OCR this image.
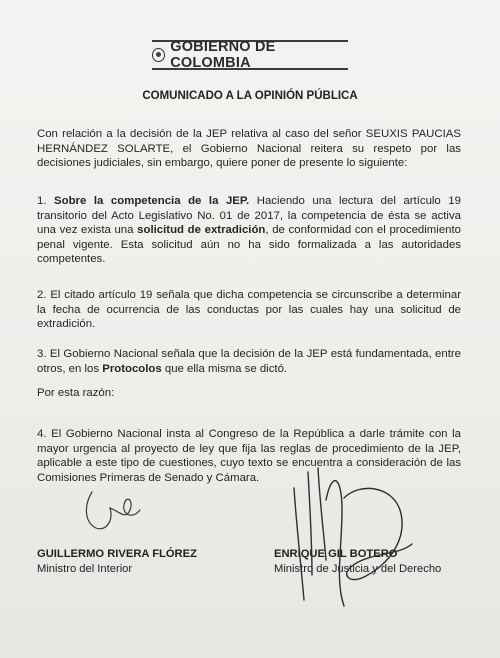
GOBIERNO DE COLOMBIA
COMUNICADO A LA OPINIÓN PÚBLICA
Con relación a la decisión de la JEP relativa al caso del señor SEUXIS PAUCIAS HERNÁNDEZ SOLARTE, el Gobierno Nacional reitera su respeto por las decisiones judiciales, sin embargo, quiere poner de presente lo siguiente:
1. Sobre la competencia de la JEP. Haciendo una lectura del artículo 19 transitorio del Acto Legislativo No. 01 de 2017, la competencia de ésta se activa una vez exista una solicitud de extradición, de conformidad con el procedimiento penal vigente. Esta solicitud aún no ha sido formalizada a las autoridades competentes.
2. El citado artículo 19 señala que dicha competencia se circunscribe a determinar la fecha de ocurrencia de las conductas por las cuales hay una solicitud de extradición.
3. El Gobierno Nacional señala que la decisión de la JEP está fundamentada, entre otros, en los Protocolos que ella misma se dictó.
Por esta razón:
4. El Gobierno Nacional insta al Congreso de la República a darle trámite con la mayor urgencia al proyecto de ley que fija las reglas de procedimiento de la JEP, aplicable a este tipo de cuestiones, cuyo texto se encuentra a consideración de las Comisiones Primeras de Senado y Cámara.
GUILLERMO RIVERA FLÓREZ
Ministro del Interior
ENRIQUE GIL BOTERO
Ministro de Justicia y del Derecho
